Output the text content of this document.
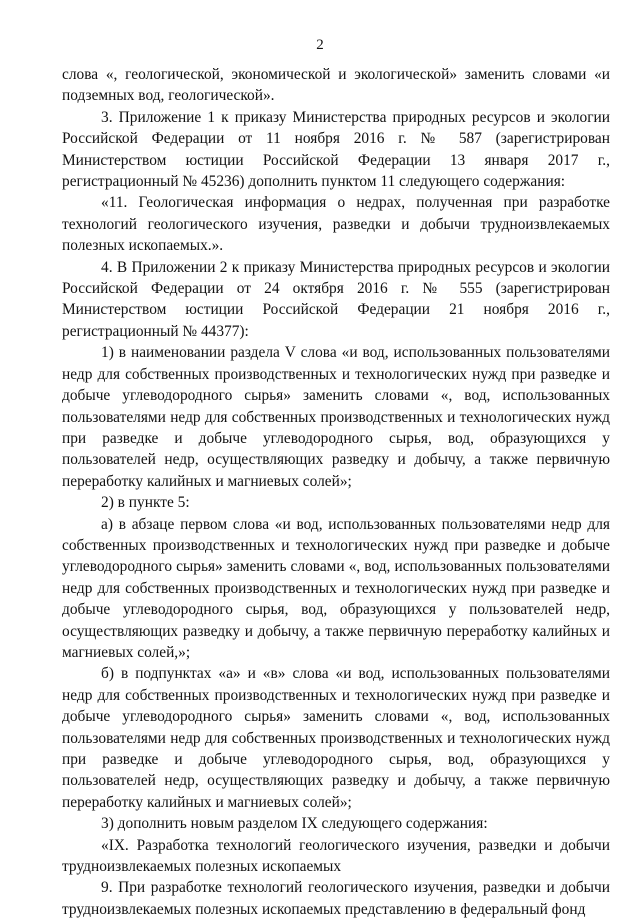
2

слова «, геологической, экономической и экологической» заменить словами «и подземных вод, геологической».

3. Приложение 1 к приказу Министерства природных ресурсов и экологии Российской Федерации от 11 ноября 2016 г. № 587 (зарегистрирован Министерством юстиции Российской Федерации 13 января 2017 г., регистрационный № 45236) дополнить пунктом 11 следующего содержания:

«11. Геологическая информация о недрах, полученная при разработке технологий геологического изучения, разведки и добычи трудноизвлекаемых полезных ископаемых.».

4. В Приложении 2 к приказу Министерства природных ресурсов и экологии Российской Федерации от 24 октября 2016 г. № 555 (зарегистрирован Министерством юстиции Российской Федерации 21 ноября 2016 г., регистрационный № 44377):

1) в наименовании раздела V слова «и вод, использованных пользователями недр для собственных производственных и технологических нужд при разведке и добыче углеводородного сырья» заменить словами «, вод, использованных пользователями недр для собственных производственных и технологических нужд при разведке и добыче углеводородного сырья, вод, образующихся у пользователей недр, осуществляющих разведку и добычу, а также первичную переработку калийных и магниевых солей»;

2) в пункте 5:

а) в абзаце первом слова «и вод, использованных пользователями недр для собственных производственных и технологических нужд при разведке и добыче углеводородного сырья» заменить словами «, вод, использованных пользователями недр для собственных производственных и технологических нужд при разведке и добыче углеводородного сырья, вод, образующихся у пользователей недр, осуществляющих разведку и добычу, а также первичную переработку калийных и магниевых солей,»;

б) в подпунктах «а» и «в» слова «и вод, использованных пользователями недр для собственных производственных и технологических нужд при разведке и добыче углеводородного сырья» заменить словами «, вод, использованных пользователями недр для собственных производственных и технологических нужд при разведке и добыче углеводородного сырья, вод, образующихся у пользователей недр, осуществляющих разведку и добычу, а также первичную переработку калийных и магниевых солей»;

3) дополнить новым разделом IX следующего содержания:

«IX. Разработка технологий геологического изучения, разведки и добычи трудноизвлекаемых полезных ископаемых

9. При разработке технологий геологического изучения, разведки и добычи трудноизвлекаемых полезных ископаемых представлению в федеральный фонд
